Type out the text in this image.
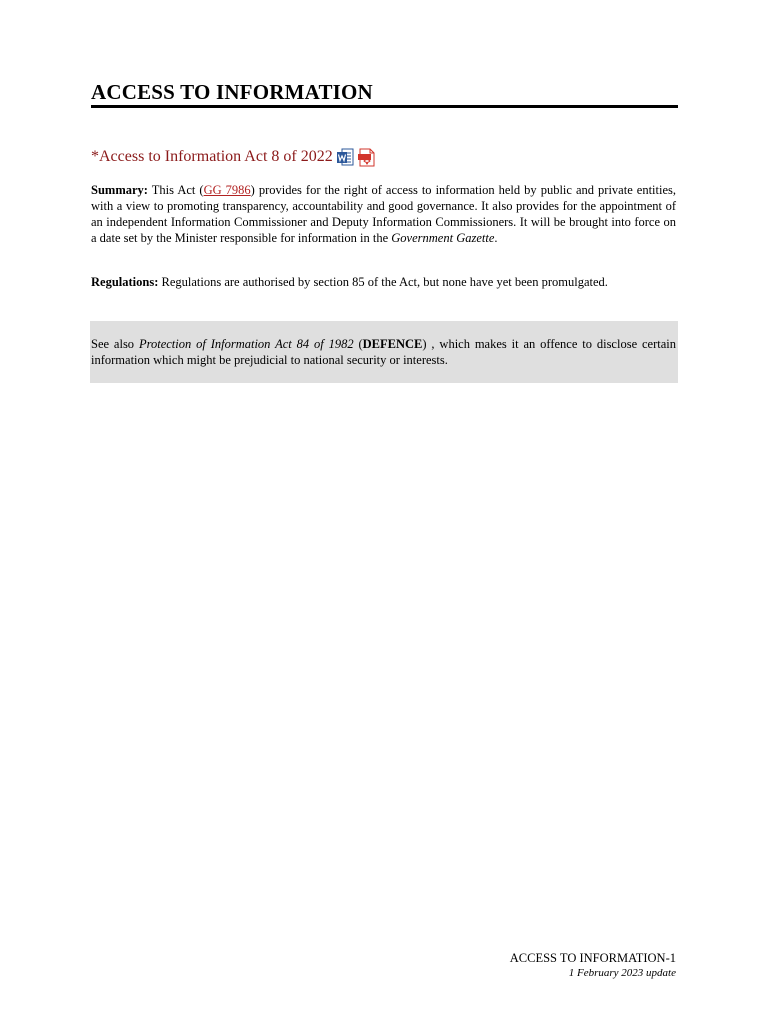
ACCESS TO INFORMATION
*Access to Information Act 8 of 2022
Summary: This Act (GG 7986) provides for the right of access to information held by public and private entities, with a view to promoting transparency, accountability and good governance. It also provides for the appointment of an independent Information Commissioner and Deputy Information Commissioners. It will be brought into force on a date set by the Minister responsible for information in the Government Gazette.
Regulations: Regulations are authorised by section 85 of the Act, but none have yet been promulgated.
See also Protection of Information Act 84 of 1982 (DEFENCE) , which makes it an offence to disclose certain information which might be prejudicial to national security or interests.
ACCESS TO INFORMATION-1
1 February 2023 update
